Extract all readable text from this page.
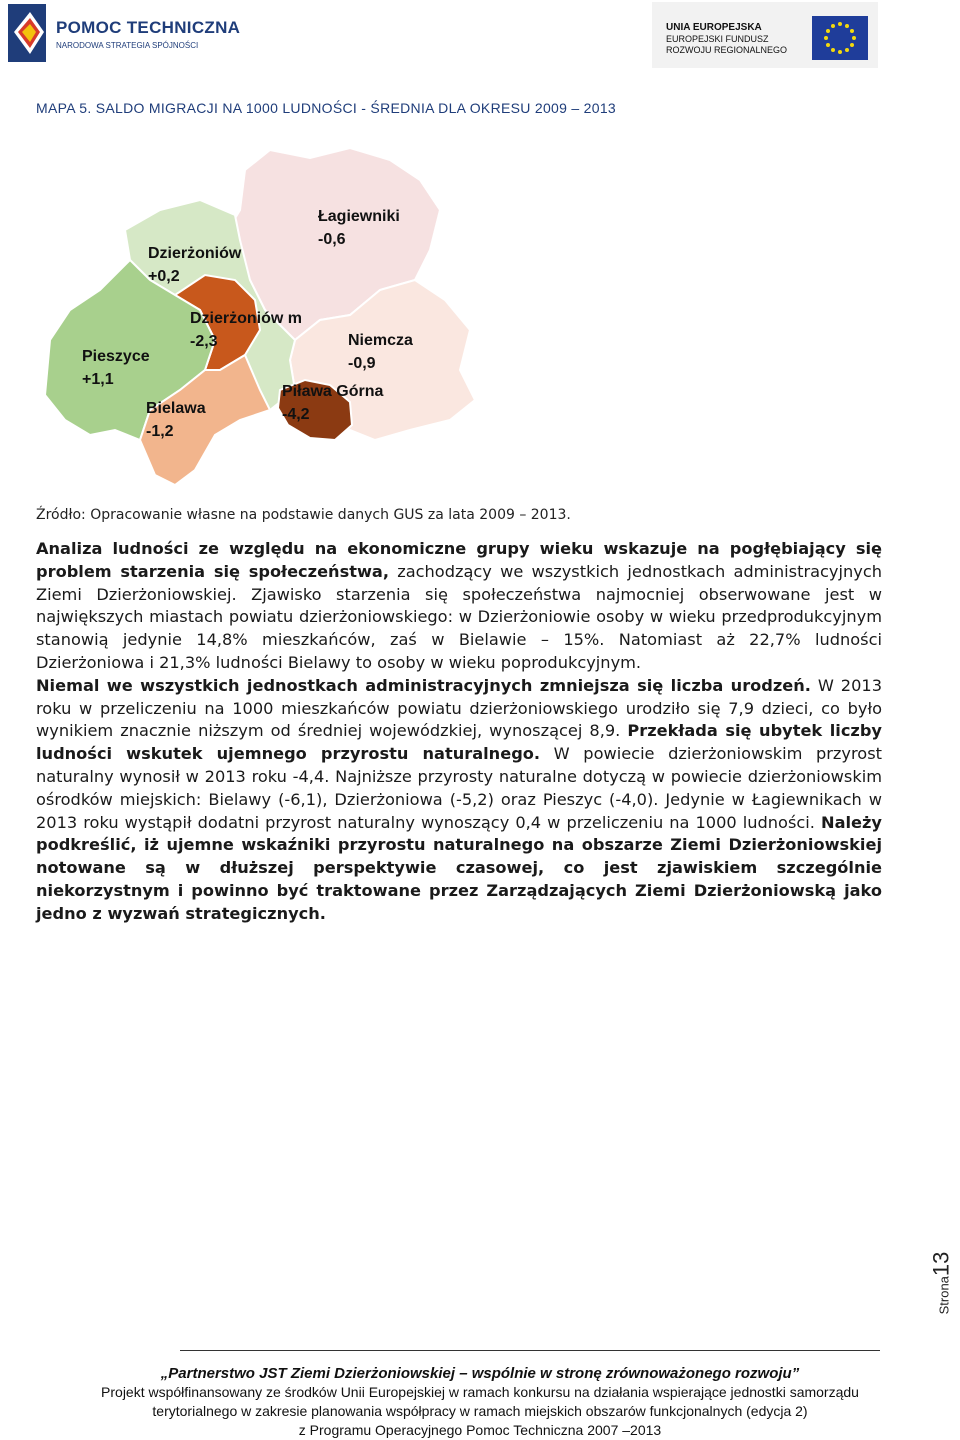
POMOC TECHNICZNA
NARODOWA STRATEGIA SPÓJNOŚCI
UNIA EUROPEJSKA
EUROPEJSKI FUNDUSZ
ROZWOJU REGIONALNEGO
MAPA 5. SALDO MIGRACJI NA 1000 LUDNOŚCI - ŚREDNIA DLA OKRESU 2009 – 2013
Łagiewniki
-0,6
Dzierżoniów
+0,2
Dzierżoniów m
-2,3	Niemcza
-0,9
Pieszyce
+1,1
Piława Górna
-4,2
Bielawa
-1,2
Źródło: Opracowanie własne na podstawie danych GUS za lata 2009 – 2013.

Analiza ludności ze względu na ekonomiczne grupy wieku wskazuje na pogłębiający się problem starzenia się społeczeństwa, zachodzący we wszystkich jednostkach administracyjnych Ziemi Dzierżoniowskiej. Zjawisko starzenia się społeczeństwa najmocniej obserwowane jest w największych miastach powiatu dzierżoniowskiego: w Dzierżoniowie osoby w wieku przedprodukcyjnym stanowią jedynie 14,8% mieszkańców, zaś w Bielawie – 15%. Natomiast aż 22,7% ludności Dzierżoniowa i 21,3% ludności Bielawy to osoby w wieku poprodukcyjnym.

Niemal we wszystkich jednostkach administracyjnych zmniejsza się liczba urodzeń. W 2013 roku w przeliczeniu na 1000 mieszkańców powiatu dzierżoniowskiego urodziło się 7,9 dzieci, co było wynikiem znacznie niższym od średniej wojewódzkiej, wynoszącej 8,9. Przekłada się ubytek liczby ludności wskutek ujemnego przyrostu naturalnego. W powiecie dzierżoniowskim przyrost naturalny wynosił w 2013 roku -4,4. Najniższe przyrosty naturalne dotyczą w powiecie dzierżoniowskim ośrodków miejskich: Bielawy (-6,1), Dzierżoniowa (-5,2) oraz Pieszyc (-4,0). Jedynie w Łagiewnikach w 2013 roku wystąpił dodatni przyrost naturalny wynoszący 0,4 w przeliczeniu na 1000 ludności. Należy podkreślić, iż ujemne wskaźniki przyrostu naturalnego na obszarze Ziemi Dzierżoniowskiej notowane są w dłuższej perspektywie czasowej, co jest zjawiskiem szczególnie niekorzystnym i powinno być traktowane przez Zarządzających Ziemi Dzierżoniowską jako jedno z wyzwań strategicznych.

Strona13
„Partnerstwo JST Ziemi Dzierżoniowskiej – wspólnie w stronę zrównoważonego rozwoju”
Projekt współfinansowany ze środków Unii Europejskiej w ramach konkursu na działania wspierające jednostki samorządu
terytorialnego w zakresie planowania współpracy w ramach miejskich obszarów funkcjonalnych (edycja 2)
z Programu Operacyjnego Pomoc Techniczna 2007 –2013
